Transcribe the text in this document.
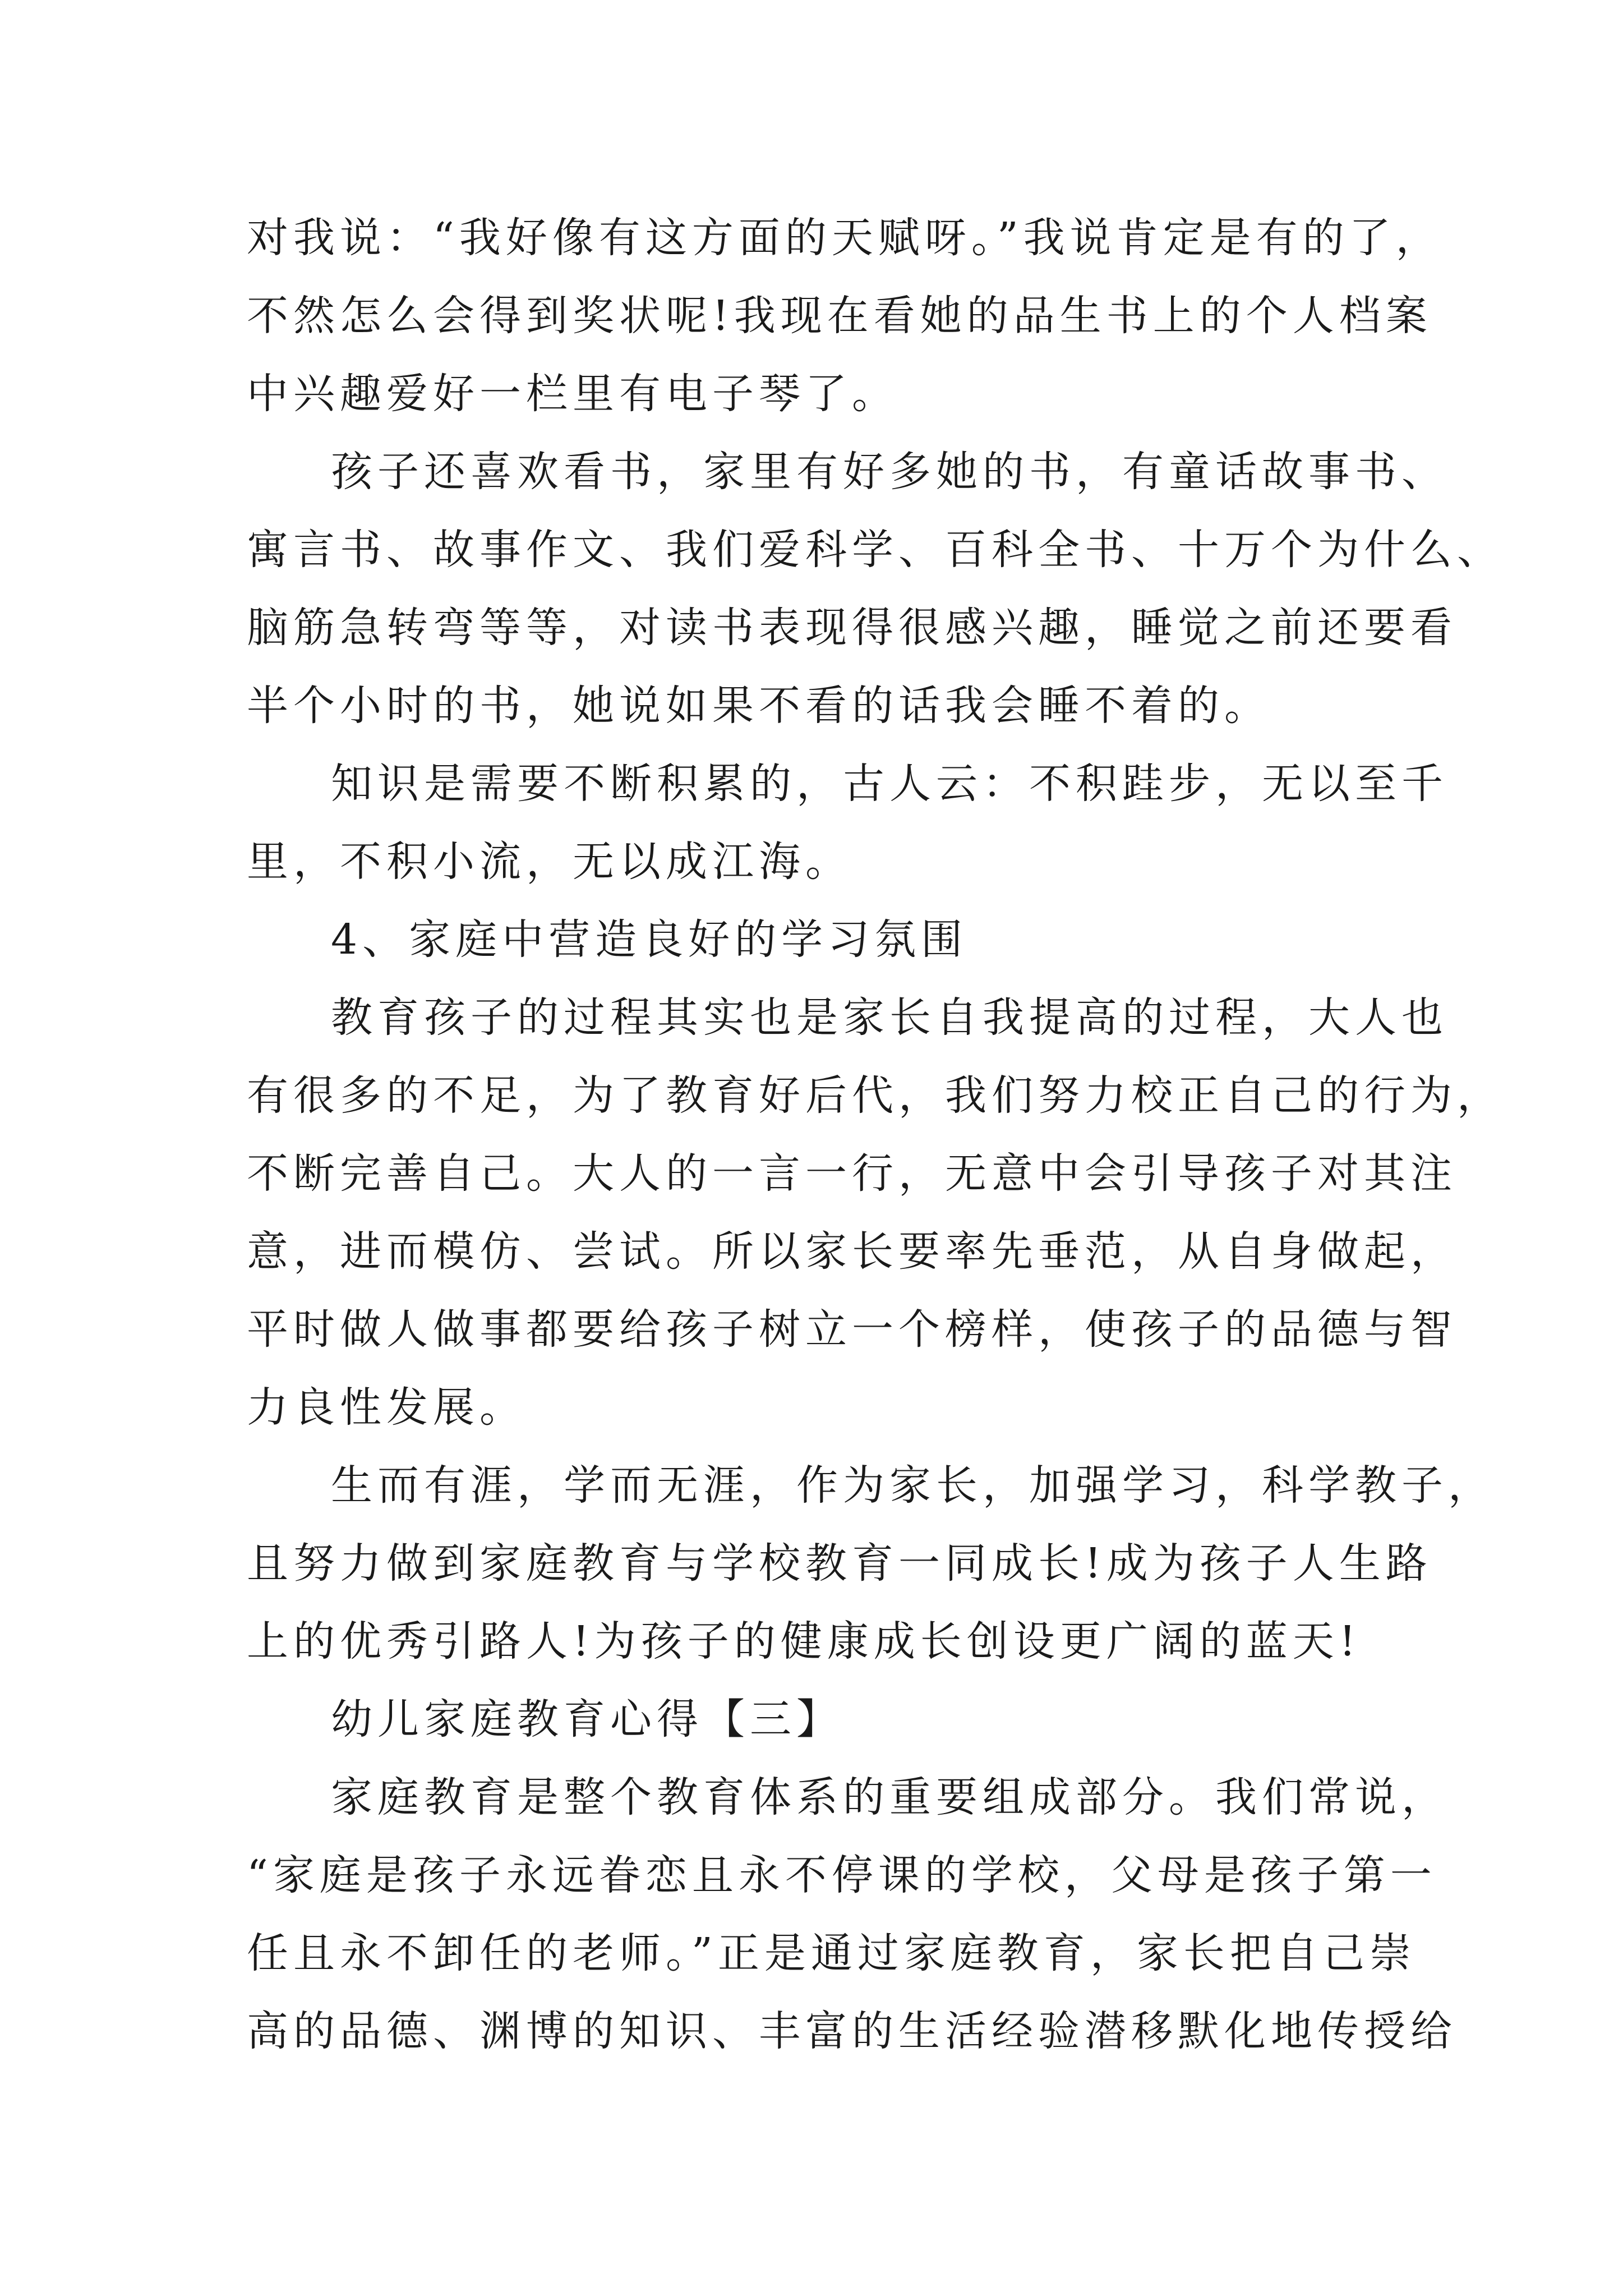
对我说：“我好像有这方面的天赋呀。”我说肯定是有的了，
不然怎么会得到奖状呢!我现在看她的品生书上的个人档案
中兴趣爱好一栏里有电子琴了。
孩子还喜欢看书，家里有好多她的书，有童话故事书、
寓言书、故事作文、我们爱科学、百科全书、十万个为什么、
脑筋急转弯等等，对读书表现得很感兴趣，睡觉之前还要看
半个小时的书，她说如果不看的话我会睡不着的。
知识是需要不断积累的，古人云：不积跬步，无以至千
里，不积小流，无以成江海。
4、家庭中营造良好的学习氛围
教育孩子的过程其实也是家长自我提高的过程，大人也
有很多的不足，为了教育好后代，我们努力校正自己的行为，
不断完善自己。大人的一言一行，无意中会引导孩子对其注
意，进而模仿、尝试。所以家长要率先垂范，从自身做起，
平时做人做事都要给孩子树立一个榜样，使孩子的品德与智
力良性发展。
生而有涯，学而无涯，作为家长，加强学习，科学教子，
且努力做到家庭教育与学校教育一同成长!成为孩子人生路
上的优秀引路人!为孩子的健康成长创设更广阔的蓝天!
幼儿家庭教育心得【三】
家庭教育是整个教育体系的重要组成部分。我们常说，
“家庭是孩子永远眷恋且永不停课的学校，父母是孩子第一
任且永不卸任的老师。”正是通过家庭教育，家长把自己崇
高的品德、渊博的知识、丰富的生活经验潜移默化地传授给
